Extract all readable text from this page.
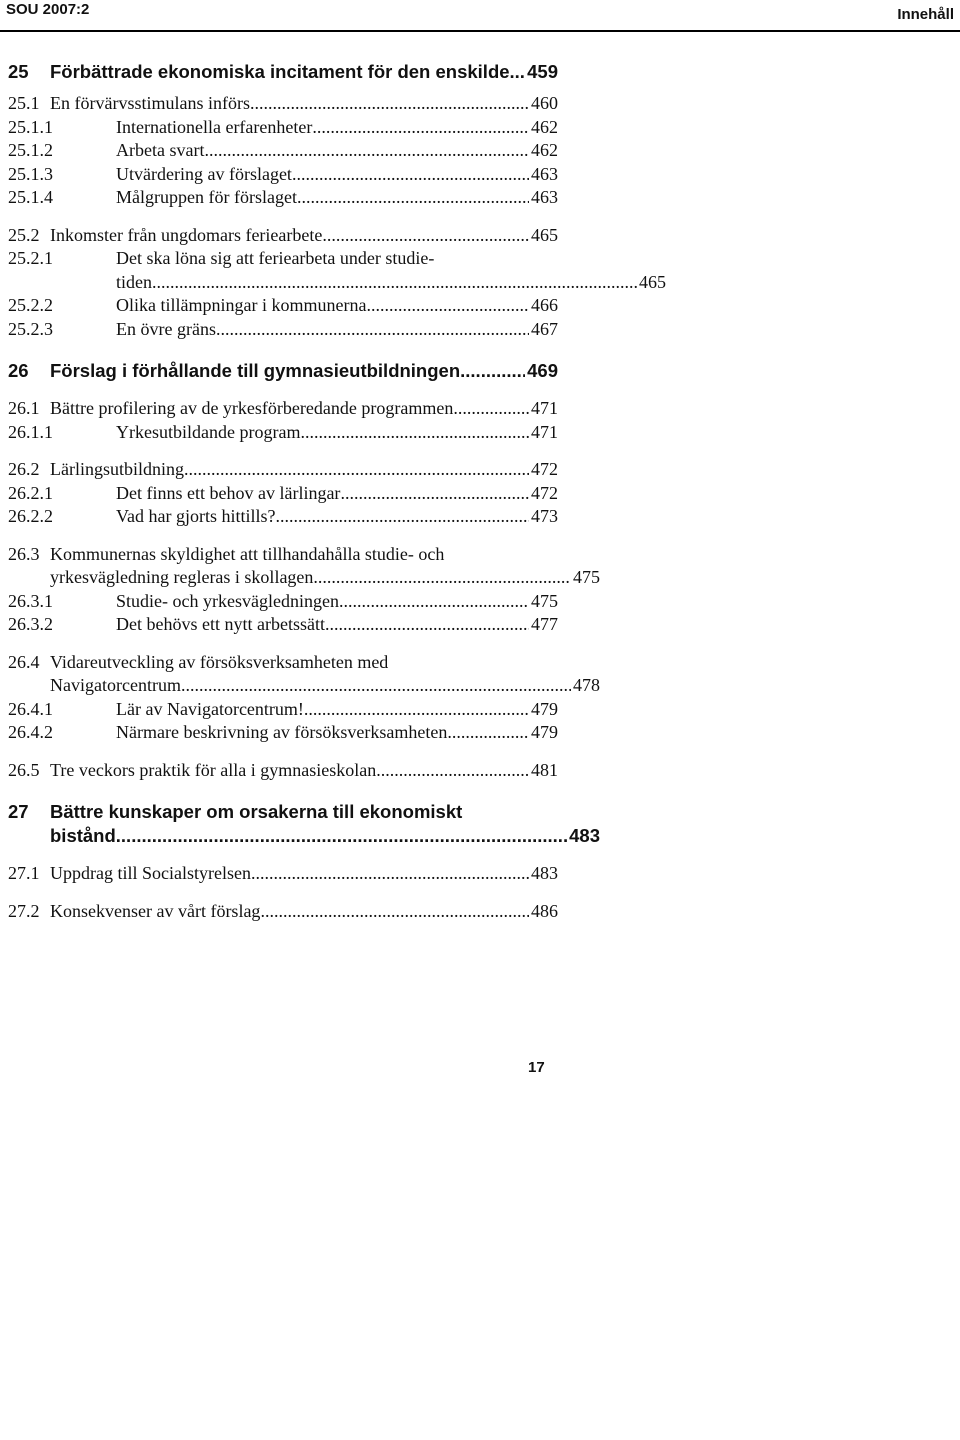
SOU 2007:2	Innehåll
25	Förbättrade ekonomiska incitament för den enskilde ..... 459
25.1 En förvärvsstimulans införs .....	460
25.1.1	Internationella erfarenheter .....	462
25.1.2	Arbeta svart .....	462
25.1.3	Utvärdering av förslaget .....	463
25.1.4	Målgruppen för förslaget .....	463
25.2 Inkomster från ungdomars feriearbete .....	465
25.2.1	Det ska löna sig att feriearbeta under studie-
tiden .....	465
25.2.2	Olika tillämpningar i kommunerna .....	466
25.2.3	En övre gräns .....	467
26	Förslag i förhållande till gymnasieutbildningen .....	469
26.1 Bättre profilering av de yrkesförberedande programmen .....	471
26.1.1	Yrkesutbildande program .....	471
26.2 Lärlingsutbildning .....	472
26.2.1	Det finns ett behov av lärlingar .....	472
26.2.2	Vad har gjorts hittills? .....	473
26.3 Kommunernas skyldighet att tillhandahålla studie- och
yrkesvägledning regleras i skollagen .....	475
26.3.1	Studie- och yrkesvägledningen .....	475
26.3.2	Det behövs ett nytt arbetssätt .....	477
26.4 Vidareutveckling av försöksverksamheten med
Navigatorcentrum .....	478
26.4.1	Lär av Navigatorcentrum! .....	479
26.4.2	Närmare beskrivning av försöksverksamheten .....	479
26.5 Tre veckors praktik för alla i gymnasieskolan .....	481
27	Bättre kunskaper om orsakerna till ekonomiskt
bistånd .....	483
27.1 Uppdrag till Socialstyrelsen .....	483
27.2 Konsekvenser av vårt förslag .....	486
17
